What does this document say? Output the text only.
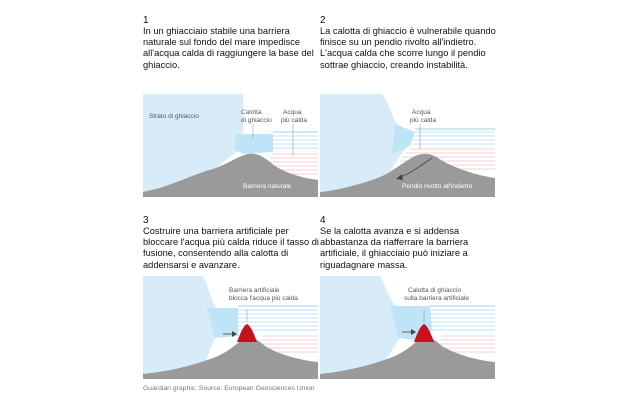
1

In un ghiacciaio stabile una barriera naturale sul fondo del mare impedisce all'acqua calda di raggiungere la base del ghiaccio.

Strato di ghiaccio
Calotta
di ghiaccio
Acqua
più calda
Barriera naturale

2

La calotta di ghiaccio è vulnerabile quando finisce su un pendio rivolto all'indietro. L'acqua calda che scorre lungo il pendio sottrae ghiaccio, creando instabilità.

Acqua
più calda
Pendio rivolto all'indietro

3

Costruire una barriera artificiale per bloccare l'acqua più calda riduce il tasso di fusione, consentendo alla calotta di addensarsi e avanzare.

Barriera artificiale
blocca l'acqua più calda

4

Se la calotta avanza e si addensa abbastanza da riafferrare la barriera artificiale, il ghiacciaio può iniziare a riguadagnare massa.

Calotta di ghiaccio
sulla barriera artificiale

Guardian graphic. Source: European Geosciences Union
